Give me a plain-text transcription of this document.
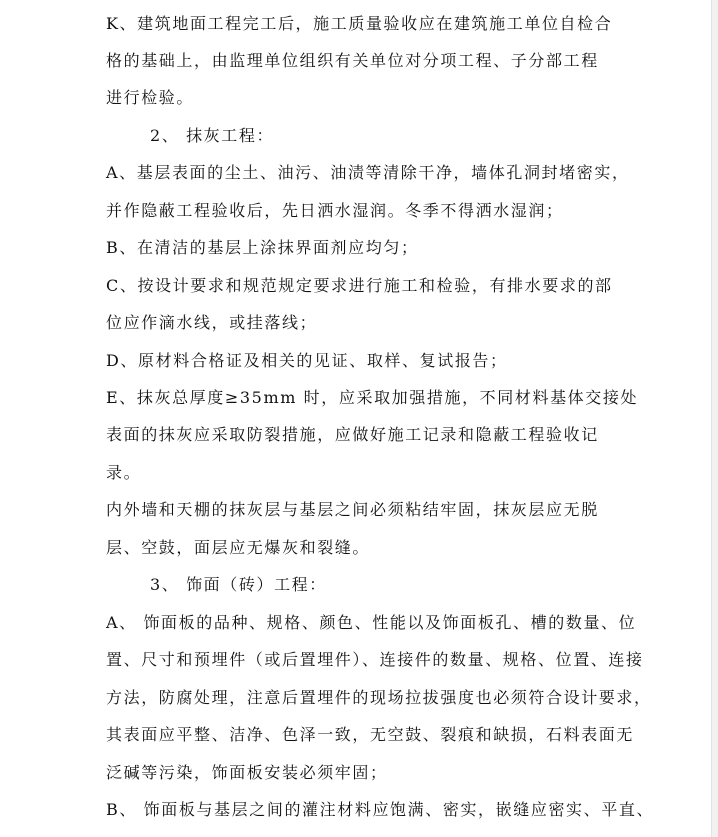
K、建筑地面工程完工后，施工质量验收应在建筑施工单位自检合
格的基础上，由监理单位组织有关单位对分项工程、子分部工程
进行检验。
2、 抹灰工程：
A、基层表面的尘土、油污、油渍等清除干净，墙体孔洞封堵密实，
并作隐蔽工程验收后，先日洒水湿润。冬季不得洒水湿润；
B、在清洁的基层上涂抹界面剂应均匀；
C、按设计要求和规范规定要求进行施工和检验，有排水要求的部
位应作滴水线，或挂落线；
D、原材料合格证及相关的见证、取样、复试报告；
E、抹灰总厚度≥35mm 时，应采取加强措施，不同材料基体交接处
表面的抹灰应采取防裂措施，应做好施工记录和隐蔽工程验收记
录。
内外墙和天棚的抹灰层与基层之间必须粘结牢固，抹灰层应无脱
层、空鼓，面层应无爆灰和裂缝。
3、 饰面（砖）工程：
A、 饰面板的品种、规格、颜色、性能以及饰面板孔、槽的数量、位
置、尺寸和预埋件（或后置埋件）、连接件的数量、规格、位置、连接
方法，防腐处理，注意后置埋件的现场拉拔强度也必须符合设计要求，
其表面应平整、洁净、色泽一致，无空鼓、裂痕和缺损，石料表面无
泛碱等污染，饰面板安装必须牢固；
B、 饰面板与基层之间的灌注材料应饱满、密实，嵌缝应密实、平直、
